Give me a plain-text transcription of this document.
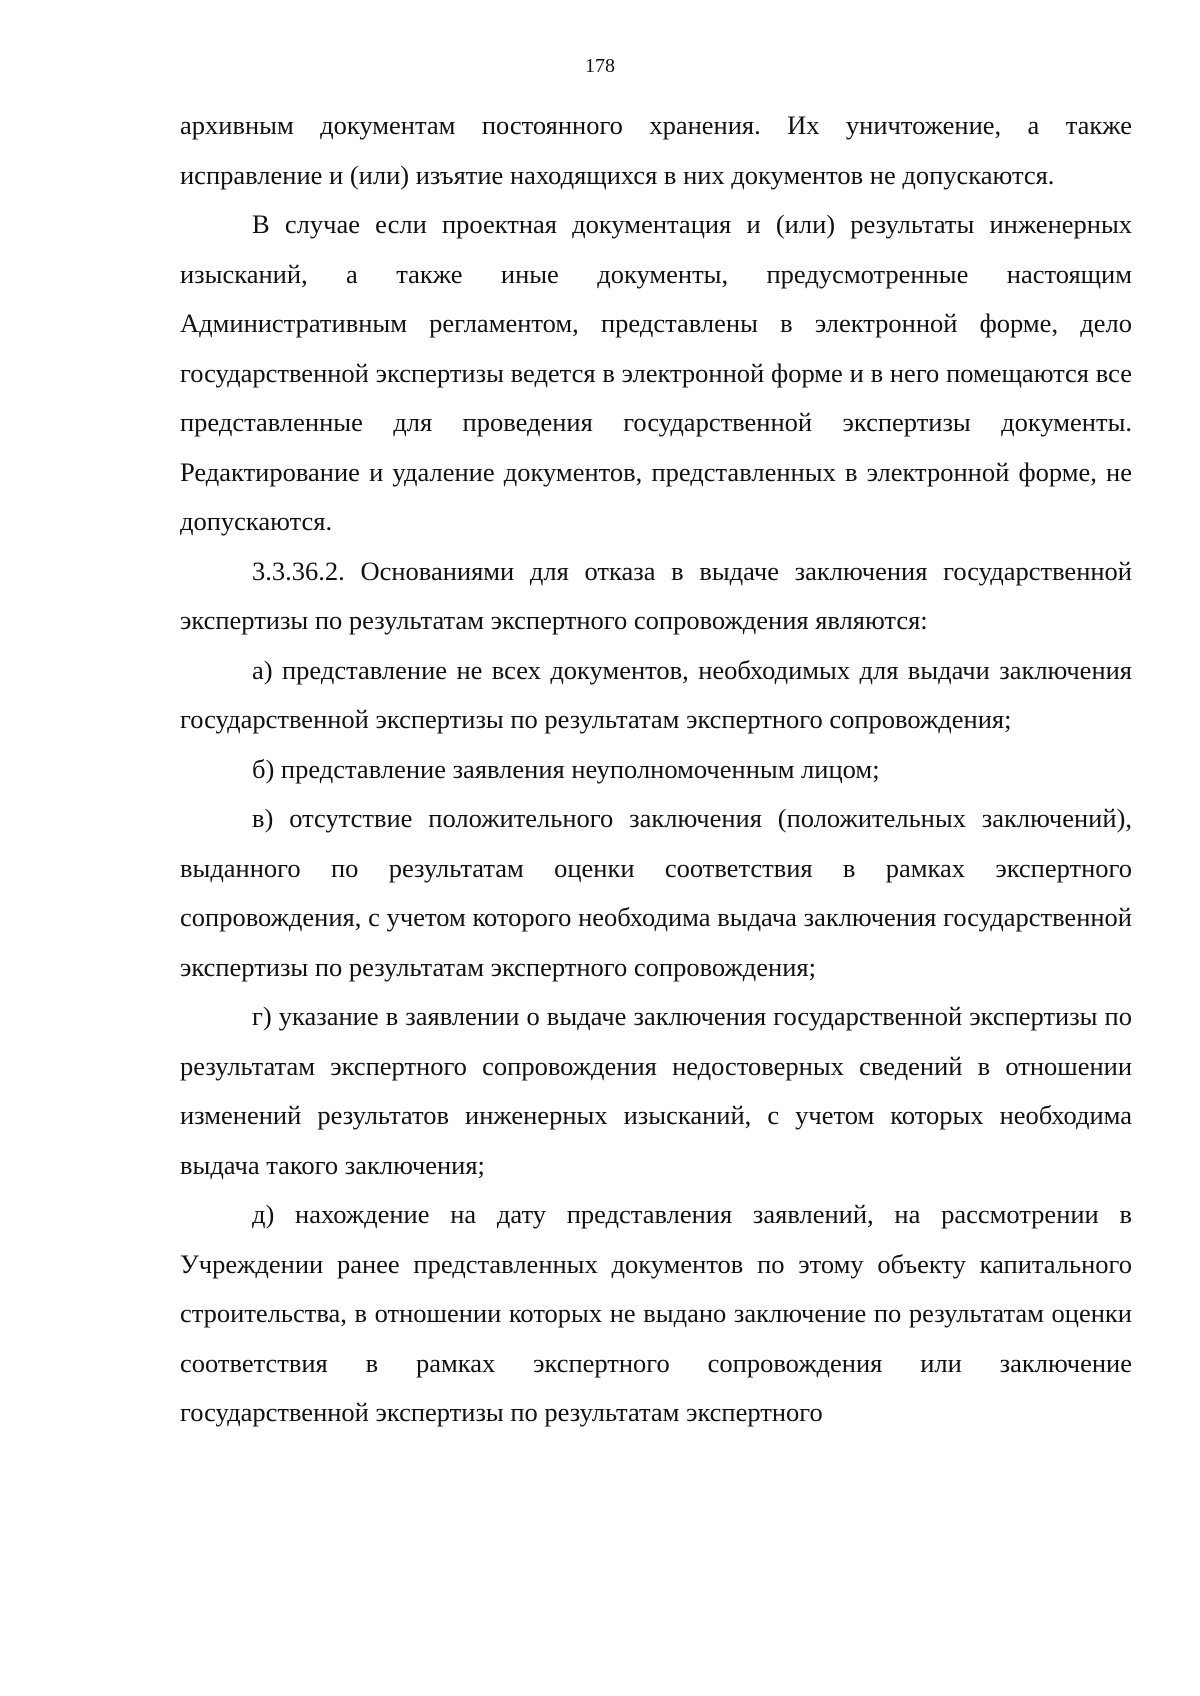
178

архивным документам постоянного хранения. Их уничтожение, а также исправление и (или) изъятие находящихся в них документов не допускаются.

В случае если проектная документация и (или) результаты инженерных изысканий, а также иные документы, предусмотренные настоящим Административным регламентом, представлены в электронной форме, дело государственной экспертизы ведется в электронной форме и в него помещаются все представленные для проведения государственной экспертизы документы. Редактирование и удаление документов, представленных в электронной форме, не допускаются.

3.3.36.2. Основаниями для отказа в выдаче заключения государственной экспертизы по результатам экспертного сопровождения являются:

а) представление не всех документов, необходимых для выдачи заключения государственной экспертизы по результатам экспертного сопровождения;

б) представление заявления неуполномоченным лицом;

в) отсутствие положительного заключения (положительных заключений), выданного по результатам оценки соответствия в рамках экспертного сопровождения, с учетом которого необходима выдача заключения государственной экспертизы по результатам экспертного сопровождения;

г) указание в заявлении о выдаче заключения государственной экспертизы по результатам экспертного сопровождения недостоверных сведений в отношении изменений результатов инженерных изысканий, с учетом которых необходима выдача такого заключения;

д) нахождение на дату представления заявлений, на рассмотрении в Учреждении ранее представленных документов по этому объекту капитального строительства, в отношении которых не выдано заключение по результатам оценки соответствия в рамках экспертного сопровождения или заключение государственной экспертизы по результатам экспертного
